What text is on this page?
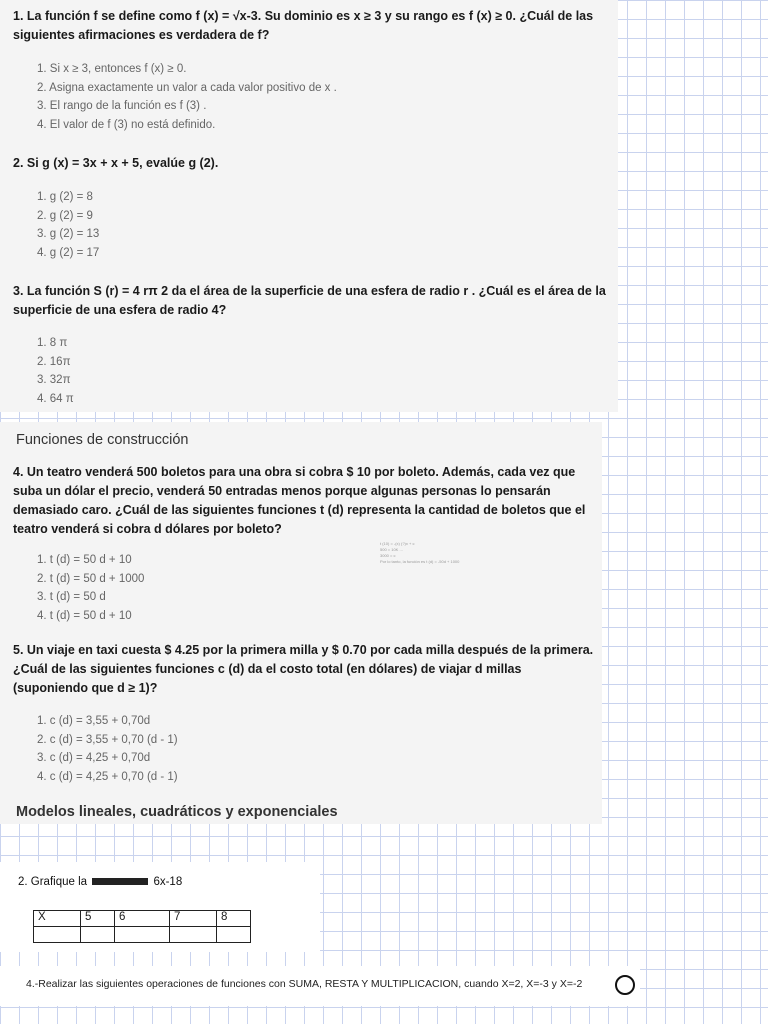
1. La función f se define como f (x) = √x-3. Su dominio es x ≥ 3 y su rango es f (x) ≥ 0. ¿Cuál de las siguientes afirmaciones es verdadera de f?

1. Si x ≥ 3, entonces f (x) ≥ 0.
2. Asigna exactamente un valor a cada valor positivo de x .
3. El rango de la función es f (3) .
4. El valor de f (3) no está definido.

2. Si g (x) = 3x + x + 5, evalúe g (2).

1. g (2) = 8
2. g (2) = 9
3. g (2) = 13
4. g (2) = 17

3. La función S (r) = 4 rπ 2 da el área de la superficie de una esfera de radio r . ¿Cuál es el área de la superficie de una esfera de radio 4?

1. 8 π
2. 16π
3. 32π
4. 64 π
Funciones de construcción

4. Un teatro venderá 500 boletos para una obra si cobra $ 10 por boleto. Además, cada vez que suba un dólar el precio, venderá 50 entradas menos porque algunas personas lo pensarán demasiado caro. ¿Cuál de las siguientes funciones t (d) representa la cantidad de boletos que el teatro venderá si cobra d dólares por boleto?

t (10) = -(x) (?)x + c
500 = 10K ...
3000 = c
Por lo tanto, la función es t (d) = -50d + 1000
1. t (d) = 50 d + 10
2. t (d) = 50 d + 1000
3. t (d) = 50 d
4. t (d) = 50 d + 10

5. Un viaje en taxi cuesta $ 4.25 por la primera milla y $ 0.70 por cada milla después de la primera. ¿Cuál de las siguientes funciones c (d) da el costo total (en dólares) de viajar d millas (suponiendo que d ≥ 1)?

1. c (d) = 3,55 + 0,70d
2. c (d) = 3,55 + 0,70 (d - 1)
3. c (d) = 4,25 + 0,70d
4. c (d) = 4,25 + 0,70 (d - 1)
Modelos lineales, cuadráticos y exponenciales
2. Grafique la	6x-18
X	5	6	7	8

4.-Realizar las siguientes operaciones de funciones con SUMA, RESTA Y MULTIPLICACION, cuando X=2, X=-3 y X=-2
